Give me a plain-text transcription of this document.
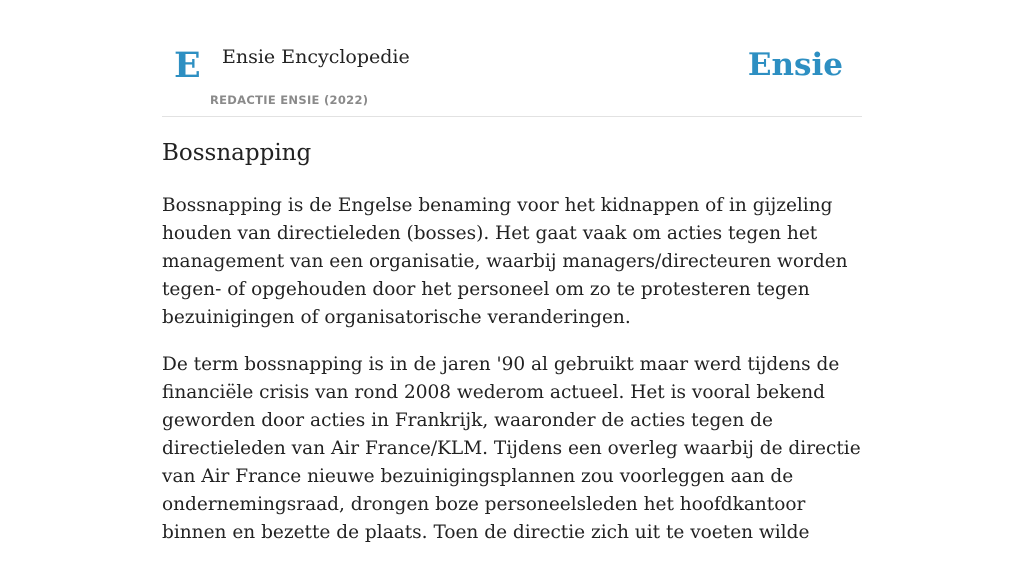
E Ensie Encyclopedie
REDACTIE ENSIE (2022)
Ensie
Bossnapping

Bossnapping is de Engelse benaming voor het kidnappen of in gijzeling houden van directieleden (bosses). Het gaat vaak om acties tegen het management van een organisatie, waarbij managers/directeuren worden tegen- of opgehouden door het personeel om zo te protesteren tegen bezuinigingen of organisatorische veranderingen.

De term bossnapping is in de jaren '90 al gebruikt maar werd tijdens de financiële crisis van rond 2008 wederom actueel. Het is vooral bekend geworden door acties in Frankrijk, waaronder de acties tegen de directieleden van Air France/KLM. Tijdens een overleg waarbij de directie van Air France nieuwe bezuinigingsplannen zou voorleggen aan de ondernemingsraad, drongen boze personeelsleden het hoofdkantoor binnen en bezette de plaats. Toen de directie zich uit te voeten wilde
